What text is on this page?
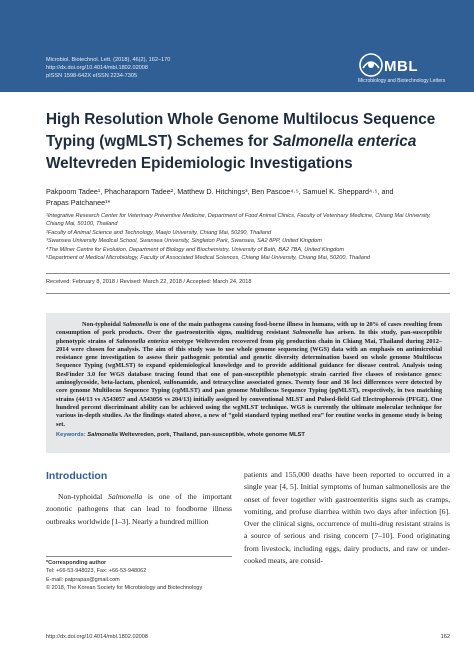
Microbiol. Biotechnol. Lett. (2018), 46(2), 162–170
http://dx.doi.org/10.4014/mbl.1802.02008
pISSN 1598-642X eISSN 2234-7305
MBL
Microbiology and Biotechnology Letters
High Resolution Whole Genome Multilocus Sequence Typing (wgMLST) Schemes for Salmonella enterica Weltevreden Epidemiologic Investigations
Pakpoom Tadee¹, Phacharaporn Tadee², Matthew D. Hitchings³, Ben Pascoe⁴·⁵, Samuel K. Sheppard⁴·⁵, and
Prapas Patchanee¹*

¹Integrative Research Center for Veterinary Preventive Medicine, Department of Food Animal Clinics, Faculty of Veterinary Medicine, Chiang Mai University, Chiang Mai, 50100, Thailand

²Faculty of Animal Science and Technology, Maejo University, Chiang Mai, 50290, Thailand

³Swansea University Medical School, Swansea University, Singleton Park, Swansea, SA2 8PP, United Kingdom

⁴The Milner Centre for Evolution, Department of Biology and Biochemistry, University of Bath, BA2 7BA, United Kingdom

⁵Department of Medical Microbiology, Faculty of Associated Medical Sciences, Chiang Mai University, Chiang Mai, 50200, Thailand

Received: February 8, 2018 / Revised: March 22, 2018 / Accepted: March 24, 2018
Non-typhoidal Salmonella is one of the main pathogens causing food-borne illness in humans, with up to 20% of cases resulting from consumption of pork products. Over the gastroenteritis signs, multidrug resistant Salmonella has arisen. In this study, pan-susceptible phenotypic strains of Salmonella enterica serotype Weltevreden recovered from pig production chain in Chiang Mai, Thailand during 2012–2014 were chosen for analysis. The aim of this study was to use whole genome sequencing (WGS) data with an emphasis on antimicrobial resistance gene investigation to assess their pathogenic potential and genetic diversity determination based on whole genome Multilocus Sequence Typing (wgMLST) to expand epidemiological knowledge and to provide additional guidance for disease control. Analysis using ResFinder 3.0 for WGS database tracing found that one of pan-susceptible phenotypic strain carried five classes of resistance genes: aminoglycoside, beta-lactam, phenicol, sulfonamide, and tetracycline associated genes. Twenty four and 36 loci differences were detected by core genome Multilocus Sequence Typing (cgMLST) and pan genome Multilocus Sequence Typing (pgMLST), respectively, in two matching strains (44/13 vs A543057 and A543056 vs 204/13) initially assigned by conventional MLST and Pulsed-field Gel Electrophoresis (PFGE). One hundred percent discriminant ability can be achieved using the wgMLST technique. WGS is currently the ultimate molecular technique for various in-depth studies. As the findings stated above, a new of “gold standard typing method era” for routine works in genome study is being set.
Keywords: Salmonella Weltevreden, pork, Thailand, pan-susceptible, whole genome MLST
Introduction
Non-typhoidal Salmonella is one of the important zoonotic pathogens that can lead to foodborne illness outbreaks worldwide [1–3]. Nearly a hundred million
patients and 155,000 deaths have been reported to occurred in a single year [4, 5]. Initial symptoms of human salmonellosis are the onset of fever together with gastroenteritis signs such as cramps, vomiting, and profuse diarrhea within two days after infection [6]. Over the clinical signs, occurrence of multi-drug resistant strains is a source of serious and rising concern [7–10]. Food originating from livestock, including eggs, dairy products, and raw or under-cooked meats, are consid-
*Corresponding author
Tel: +66-53-948023, Fax: +66-53-948062
E-mail: patprapas@gmail.com
© 2018, The Korean Society for Microbiology and Biotechnology
http://dx.doi.org/10.4014/mbl.1802.02008	162
